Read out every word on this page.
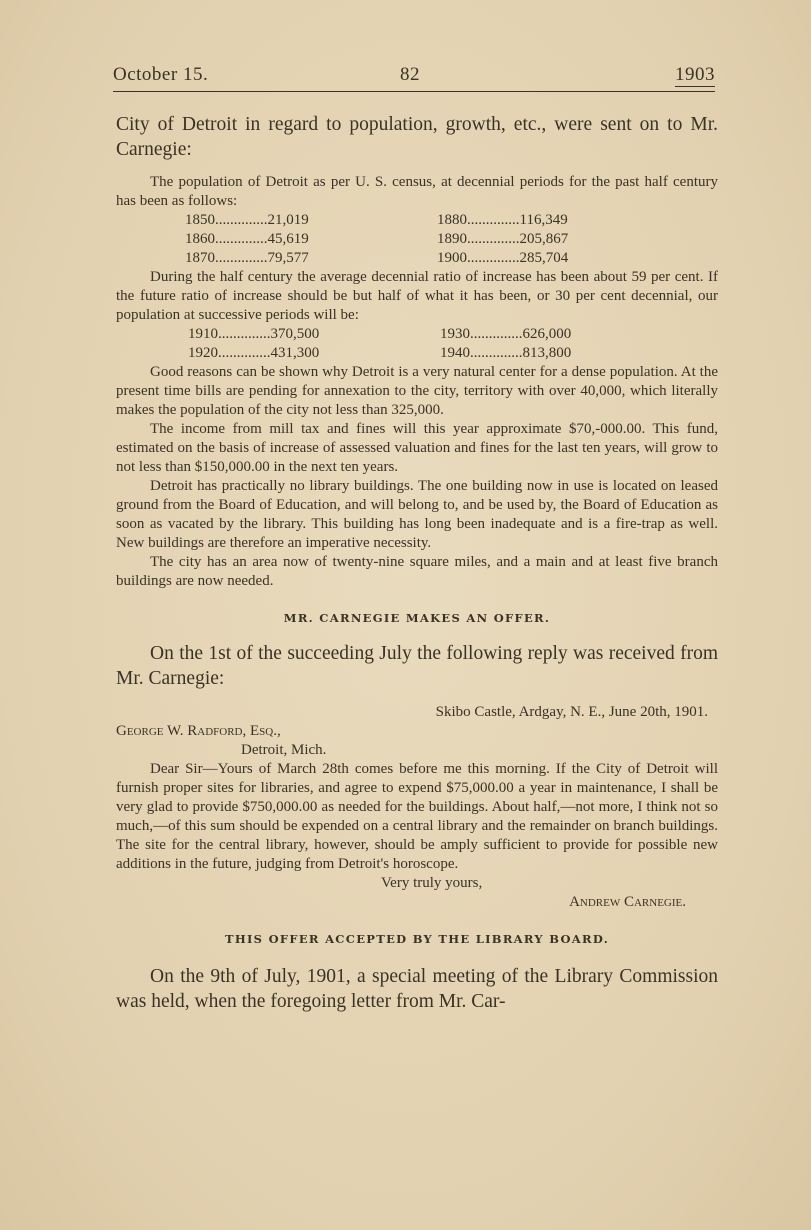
October 15.	82	1903

City of Detroit in regard to population, growth, etc., were sent on to Mr. Carnegie:

The population of Detroit as per U. S. census, at decennial periods for the past half century has been as follows:

1850..............21,019	1880..............116,349
1860..............45,619	1890..............205,867
1870..............79,577	1900..............285,704

During the half century the average decennial ratio of increase has been about 59 per cent. If the future ratio of increase should be but half of what it has been, or 30 per cent decennial, our population at successive periods will be:

1910..............370,500	1930..............626,000
1920..............431,300	1940..............813,800

Good reasons can be shown why Detroit is a very natural center for a dense population. At the present time bills are pending for annexation to the city, territory with over 40,000, which literally makes the population of the city not less than 325,000.

The income from mill tax and fines will this year approximate $70,-000.00. This fund, estimated on the basis of increase of assessed valuation and fines for the last ten years, will grow to not less than $150,000.00 in the next ten years.

Detroit has practically no library buildings. The one building now in use is located on leased ground from the Board of Education, and will belong to, and be used by, the Board of Education as soon as vacated by the library. This building has long been inadequate and is a fire-trap as well. New buildings are therefore an imperative necessity.

The city has an area now of twenty-nine square miles, and a main and at least five branch buildings are now needed.

MR. CARNEGIE MAKES AN OFFER.

On the 1st of the succeeding July the following reply was received from Mr. Carnegie:

Skibo Castle, Ardgay, N. E., June 20th, 1901.

George W. Radford, Esq.,

Detroit, Mich.

Dear Sir—Yours of March 28th comes before me this morning. If the City of Detroit will furnish proper sites for libraries, and agree to expend $75,000.00 a year in maintenance, I shall be very glad to provide $750,000.00 as needed for the buildings. About half,—not more, I think not so much,—of this sum should be expended on a central library and the remainder on branch buildings. The site for the central library, however, should be amply sufficient to provide for possible new additions in the future, judging from Detroit's horoscope.

Very truly yours,

Andrew Carnegie.

THIS OFFER ACCEPTED BY THE LIBRARY BOARD.

On the 9th of July, 1901, a special meeting of the Library Commission was held, when the foregoing letter from Mr. Car-
